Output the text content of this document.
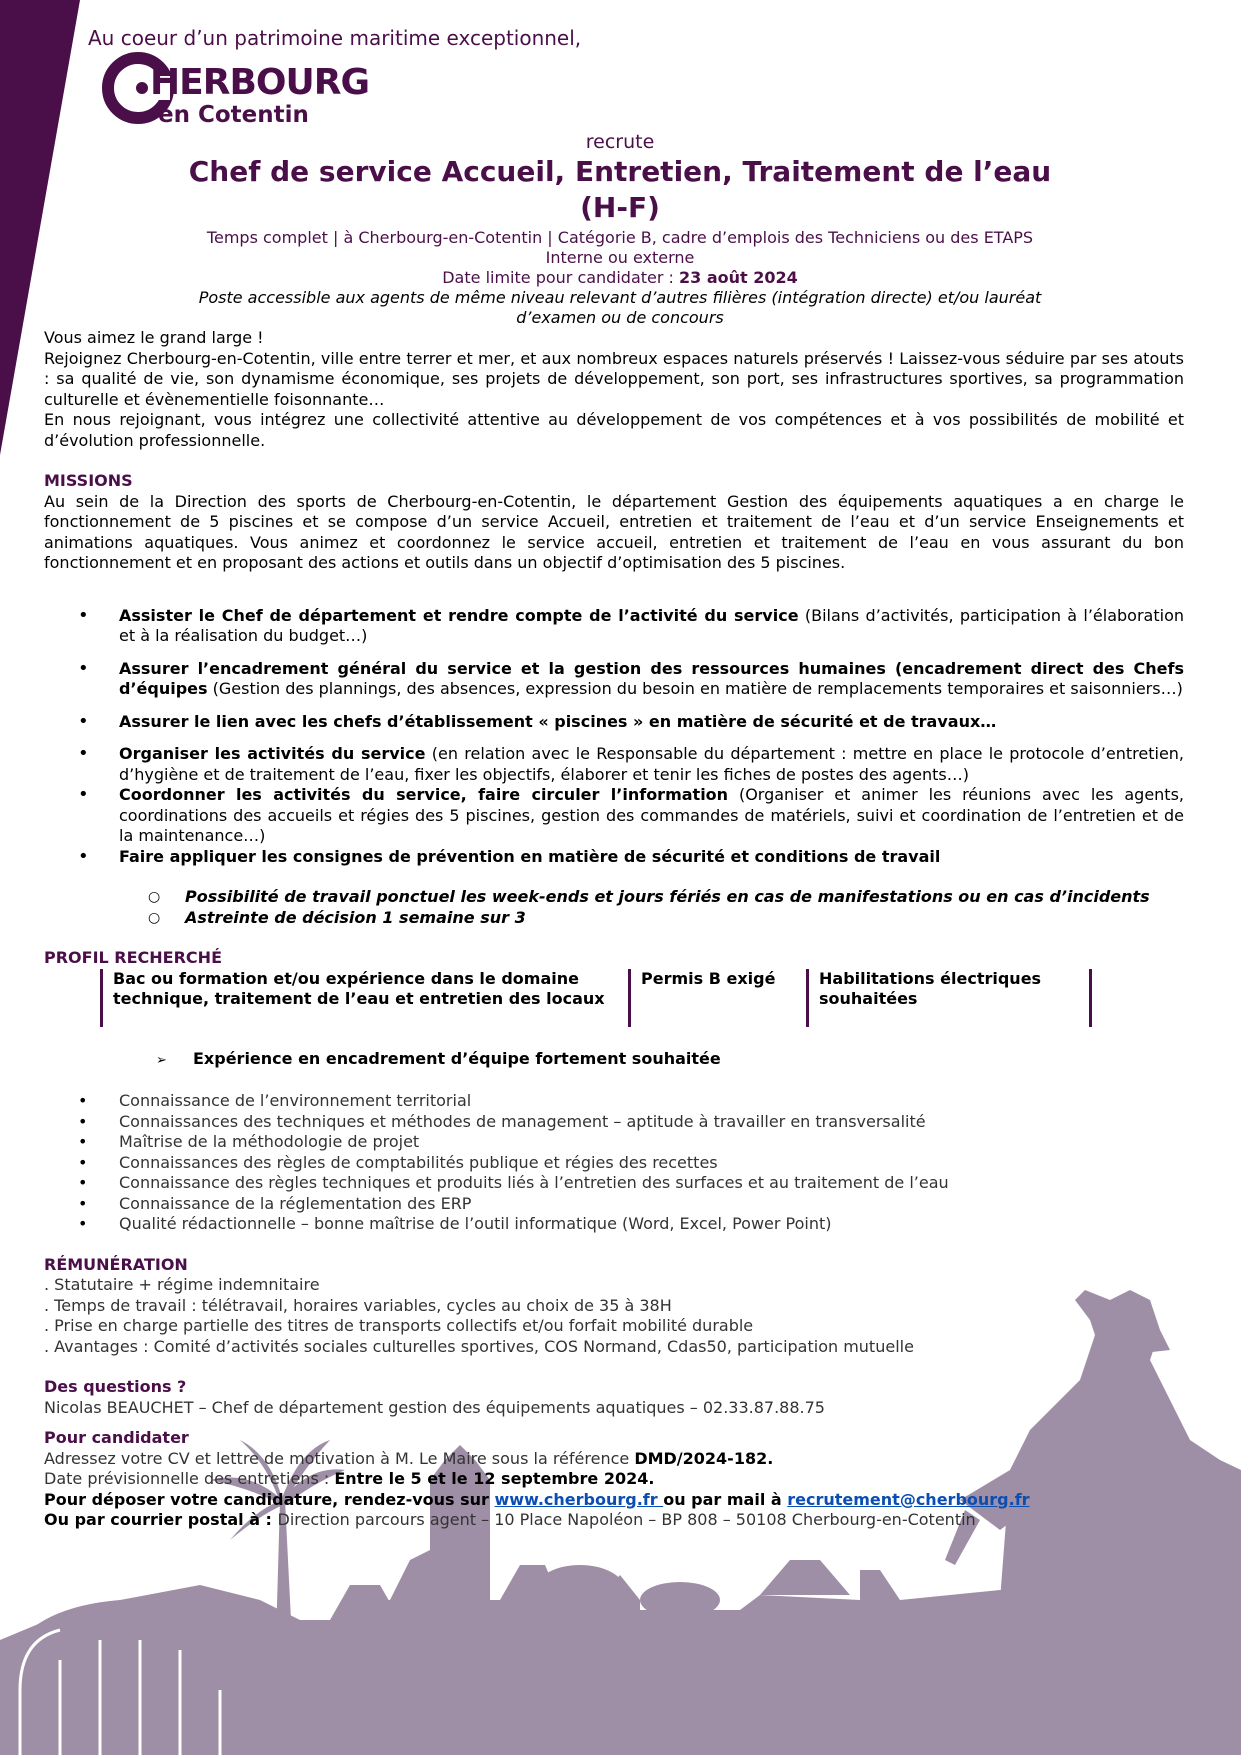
Au coeur d’un patrimoine maritime exceptionnel,
HERBOURG
en Cotentin
recrute
Chef de service Accueil, Entretien, Traitement de l’eau
(H-F)
Temps complet | à Cherbourg-en-Cotentin | Catégorie B, cadre d’emplois des Techniciens ou des ETAPS
Interne ou externe
Date limite pour candidater : 23 août 2024
Poste accessible aux agents de même niveau relevant d’autres filières (intégration directe) et/ou lauréat
d’examen ou de concours

Vous aimez le grand large !

Rejoignez Cherbourg-en-Cotentin, ville entre terrer et mer, et aux nombreux espaces naturels préservés ! Laissez-vous séduire par ses atouts : sa qualité de vie, son dynamisme économique, ses projets de développement, son port, ses infrastructures sportives, sa programmation culturelle et évènementielle foisonnante…

En nous rejoignant, vous intégrez une collectivité attentive au développement de vos compétences et à vos possibilités de mobilité et d’évolution professionnelle.

MISSIONS

Au sein de la Direction des sports de Cherbourg-en-Cotentin, le département Gestion des équipements aquatiques a en charge le fonctionnement de 5 piscines et se compose d’un service Accueil, entretien et traitement de l’eau et d’un service Enseignements et animations aquatiques. Vous animez et coordonnez le service accueil, entretien et traitement de l’eau en vous assurant du bon fonctionnement et en proposant des actions et outils dans un objectif d’optimisation des 5 piscines.

• Assister le Chef de département et rendre compte de l’activité du service (Bilans d’activités, participation à l’élaboration et à la réalisation du budget…)
• Assurer l’encadrement général du service et la gestion des ressources humaines (encadrement direct des Chefs d’équipes (Gestion des plannings, des absences, expression du besoin en matière de remplacements temporaires et saisonniers…)
• Assurer le lien avec les chefs d’établissement « piscines » en matière de sécurité et de travaux…
• Organiser les activités du service (en relation avec le Responsable du département : mettre en place le protocole d’entretien, d’hygiène et de traitement de l’eau, fixer les objectifs, élaborer et tenir les fiches de postes des agents…)
• Coordonner les activités du service, faire circuler l’information (Organiser et animer les réunions avec les agents, coordinations des accueils et régies des 5 piscines, gestion des commandes de matériels, suivi et coordination de l’entretien et de la maintenance…)
• Faire appliquer les consignes de prévention en matière de sécurité et conditions de travail
○ Possibilité de travail ponctuel les week-ends et jours fériés en cas de manifestations ou en cas d’incidents
○ Astreinte de décision 1 semaine sur 3

PROFIL RECHERCHÉ

Bac ou formation et/ou expérience dans le domaine technique, traitement de l’eau et entretien des locaux
Permis B exigé	Habilitations électriques souhaitées
➢ Expérience en encadrement d’équipe fortement souhaitée
• Connaissance de l’environnement territorial
• Connaissances des techniques et méthodes de management – aptitude à travailler en transversalité
• Maîtrise de la méthodologie de projet
• Connaissances des règles de comptabilités publique et régies des recettes
• Connaissance des règles techniques et produits liés à l’entretien des surfaces et au traitement de l’eau
• Connaissance de la réglementation des ERP
• Qualité rédactionnelle – bonne maîtrise de l’outil informatique (Word, Excel, Power Point)

RÉMUNÉRATION

. Statutaire + régime indemnitaire

. Temps de travail : télétravail, horaires variables, cycles au choix de 35 à 38H

. Prise en charge partielle des titres de transports collectifs et/ou forfait mobilité durable

. Avantages : Comité d’activités sociales culturelles sportives, COS Normand, Cdas50, participation mutuelle

Des questions ?

Nicolas BEAUCHET – Chef de département gestion des équipements aquatiques – 02.33.87.88.75

Pour candidater

Adressez votre CV et lettre de motivation à M. Le Maire sous la référence DMD/2024-182.

Date prévisionnelle des entretiens : Entre le 5 et le 12 septembre 2024.

Pour déposer votre candidature, rendez-vous sur www.cherbourg.fr ou par mail à recrutement@cherbourg.fr

Ou par courrier postal à : Direction parcours agent – 10 Place Napoléon – BP 808 – 50108 Cherbourg-en-Cotentin
